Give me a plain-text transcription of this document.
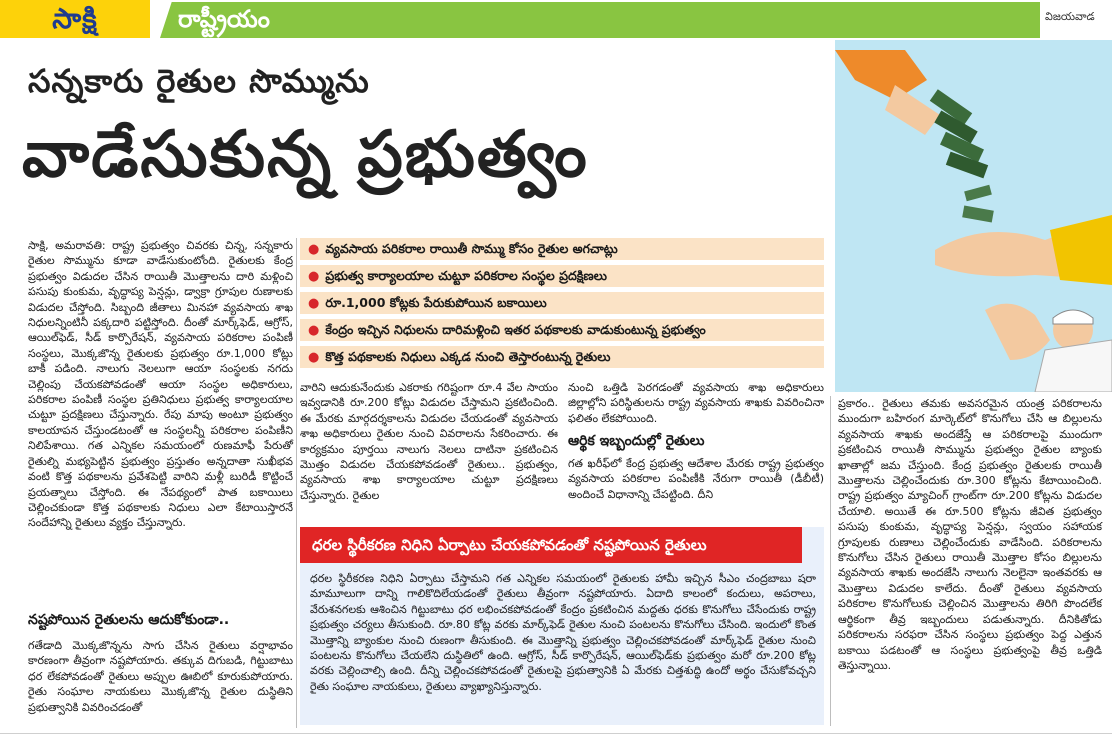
సాక్షి	రాష్ట్రీయం	విజయవాడ
సన్నకారు రైతుల సొమ్మును
వాడేసుకున్న ప్రభుత్వం

సాక్షి, అమరావతి: రాష్ట్ర ప్రభుత్వం చివరకు చిన్న, సన్నకారు రైతుల సొమ్మును కూడా వాడేసుకుంటోంది. రైతులకు కేంద్ర ప్రభుత్వం విడుదల చేసిన రాయితీ మొత్తాలను దారి మళ్లించి పసుపు కుంకుమ, వృద్ధాప్య పెన్షన్లు, డ్వాక్రా గ్రూపుల రుణాలకు విడుదల చేస్తోంది. సిబ్బంది జీతాలు మినహా వ్యవసాయ శాఖ నిధులన్నింటినీ పక్కదారి పట్టిస్తోంది. దీంతో మార్క్‌ఫెడ్, ఆగ్రోస్, ఆయిల్‌ఫెడ్, సీడ్ కార్పొరేషన్, వ్యవసాయ పరికరాల పంపిణీ సంస్థలు, మొక్కజొన్న రైతులకు ప్రభుత్వం రూ.1,000 కోట్లు బాకీ పడింది. నాలుగు నెలలుగా ఆయా సంస్థలకు నగదు చెల్లింపు చేయకపోవడంతో ఆయా సంస్థల అధికారులు, పరికరాల పంపిణీ సంస్థల ప్రతినిధులు ప్రభుత్వ కార్యాలయాల చుట్టూ ప్రదక్షిణలు చేస్తున్నారు. రేపు మాపు అంటూ ప్రభుత్వం కాలయాపన చేస్తుండటంతో ఆ సంస్థలన్నీ పరికరాల పంపిణీని నిలిపేశాయి. గత ఎన్నికల సమయంలో రుణమాఫీ పేరుతో రైతుల్ని మభ్యపెట్టిన ప్రభుత్వం ప్రస్తుతం అన్నదాతా సుఖీభవ వంటి కొత్త పథకాలను ప్రవేశపెట్టి వారిని మళ్లీ బురిడీ కొట్టించే ప్రయత్నాలు చేస్తోంది. ఈ నేపథ్యంలో పాత బకాయిలు చెల్లించకుండా కొత్త పథకాలకు నిధులు ఎలా కేటాయిస్తారనే సందేహాన్ని రైతులు వ్యక్తం చేస్తున్నారు.

నష్టపోయిన రైతులను ఆదుకోకుండా..

గతేడాది మొక్కజొన్నను సాగు చేసిన రైతులు వర్షాభావం కారణంగా తీవ్రంగా నష్టపోయారు. తక్కువ దిగుబడి, గిట్టుబాటు ధర లేకపోవడంతో రైతులు అప్పుల ఊబిలో కూరుకుపోయారు. రైతు సంఘాల నాయకులు మొక్కజొన్న రైతుల దుస్థితిని ప్రభుత్వానికి వివరించడంతో

● వ్యవసాయ పరికరాల రాయితీ సొమ్ము కోసం రైతుల అగచాట్లు
● ప్రభుత్వ కార్యాలయాల చుట్టూ పరికరాల సంస్థల ప్రదక్షిణలు
● రూ.1,000 కోట్లకు పేరుకుపోయిన బకాయిలు
● కేంద్రం ఇచ్చిన నిధులను దారిమళ్లించి ఇతర పథకాలకు వాడుకుంటున్న ప్రభుత్వం
● కొత్త పథకాలకు నిధులు ఎక్కడ నుంచి తెస్తారంటున్న రైతులు

వారిని ఆదుకునేందుకు ఎకరాకు గరిష్టంగా రూ.4 వేల సాయం ఇవ్వడానికి రూ.200 కోట్లు విడుదల చేస్తామని ప్రకటించింది. ఈ మేరకు మార్గదర్శకాలను విడుదల చేయడంతో వ్యవసాయ శాఖ అధికారులు రైతుల నుంచి వివరాలను సేకరించారు. ఈ కార్యక్రమం పూర్తయి నాలుగు నెలలు దాటినా ప్రకటించిన మొత్తం విడుదల చేయకపోవడంతో రైతులు.. ప్రభుత్వం, వ్యవసాయ శాఖ కార్యాలయాల చుట్టూ ప్రదక్షిణలు చేస్తున్నారు. రైతుల

నుంచి ఒత్తిడి పెరగడంతో వ్యవసాయ శాఖ అధికారులు జిల్లాల్లోని పరిస్థితులను రాష్ట్ర వ్యవసాయ శాఖకు వివరించినా ఫలితం లేకపోయింది.

ఆర్థిక ఇబ్బందుల్లో రైతులు

గత ఖరీఫ్‌లో కేంద్ర ప్రభుత్వ ఆదేశాల మేరకు రాష్ట్ర ప్రభుత్వం వ్యవసాయ పరికరాల పంపిణీకి నేరుగా రాయితీ (డీబీటీ) అందించే విధానాన్ని చేపట్టింది. దీని

ప్రకారం.. రైతులు తమకు అవసరమైన యంత్ర పరికరాలను ముందుగా బహిరంగ మార్కెట్‌లో కొనుగోలు చేసి ఆ బిల్లులను వ్యవసాయ శాఖకు అందజేస్తే ఆ పరికరాలపై ముందుగా ప్రకటించిన రాయితీ సొమ్మును ప్రభుత్వం రైతుల బ్యాంకు ఖాతాల్లో జమ చేస్తుంది. కేంద్ర ప్రభుత్వం రైతులకు రాయితీ మొత్తాలను చెల్లించేందుకు రూ.300 కోట్లను కేటాయించింది. రాష్ట్ర ప్రభుత్వం మ్యాచింగ్ గ్రాంట్‌గా రూ.200 కోట్లను విడుదల చేయాలి. అయితే ఈ రూ.500 కోట్లను జీవిత ప్రభుత్వం పసుపు కుంకుమ, వృద్ధాప్య పెన్షన్లు, స్వయం సహాయక గ్రూపులకు రుణాలు చెల్లించేందుకు వాడేసింది. పరికరాలను కొనుగోలు చేసిన రైతులు రాయితీ మొత్తాల కోసం బిల్లులను వ్యవసాయ శాఖకు అందజేసి నాలుగు నెలలైనా ఇంతవరకు ఆ మొత్తాలు విడుదల కాలేదు. దీంతో రైతులు వ్యవసాయ పరికరాల కొనుగోలుకు చెల్లించిన మొత్తాలను తిరిగి పొందలేక ఆర్థికంగా తీవ్ర ఇబ్బందులు పడుతున్నారు. దీనికితోడు పరికరాలను సరఫరా చేసిన సంస్థలు ప్రభుత్వం పెద్ద ఎత్తున బకాయి పడటంతో ఆ సంస్థలు ప్రభుత్వంపై తీవ్ర ఒత్తిడి తెస్తున్నాయి.

ధరల స్థిరీకరణ నిధిని ఏర్పాటు చేయకపోవడంతో నష్టపోయిన రైతులు
ధరల స్థిరీకరణ నిధిని ఏర్పాటు చేస్తామని గత ఎన్నికల సమయంలో రైతులకు హామీ ఇచ్చిన సీఎం చంద్రబాబు షరా మామూలుగా దాన్ని గాలికొదిలేయడంతో రైతులు తీవ్రంగా నష్టపోయారు. ఏదాది కాలంలో కందులు, అపరాలు, వేరుశనగలకు ఆశించిన గిట్టుబాటు ధర లభించకపోవడంతో కేంద్రం ప్రకటించిన మద్దతు ధరకు కొనుగోలు చేసేందుకు రాష్ట్ర ప్రభుత్వం చర్యలు తీసుకుంది. రూ.80 కోట్ల వరకు మార్క్‌ఫెడ్ రైతుల నుంచి పంటలను కొనుగోలు చేసింది. ఇందులో కొంత మొత్తాన్ని బ్యాంకుల నుంచి రుణంగా తీసుకుంది. ఈ మొత్తాన్ని ప్రభుత్వం చెల్లించకపోవడంతో మార్క్‌ఫెడ్ రైతుల నుంచి పంటలను కొనుగోలు చేయలేని దుస్థితిలో ఉంది. ఆగ్రోస్, సీడ్ కార్పొరేషన్, ఆయిల్‌ఫెడ్‌కు ప్రభుత్వం మరో రూ.200 కోట్ల వరకు చెల్లించాల్సి ఉంది. దీన్ని చెల్లించకపోవడంతో రైతులపై ప్రభుత్వానికి ఏ మేరకు చిత్తశుద్ధి ఉందో అర్థం చేసుకోవచ్చని రైతు సంఘాల నాయకులు, రైతులు వ్యాఖ్యానిస్తున్నారు.
